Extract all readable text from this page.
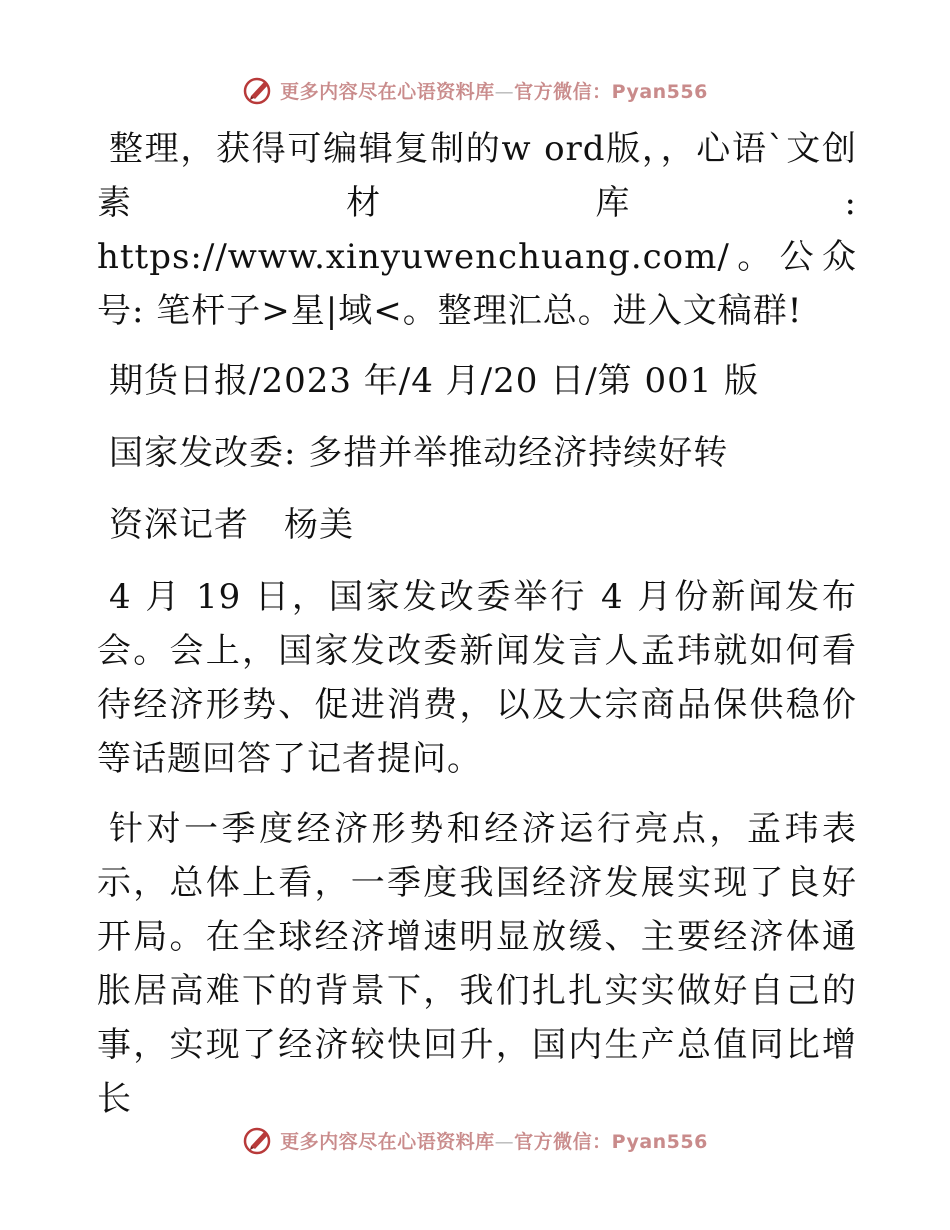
更多内容尽在心语资料库—官方微信：Pyan556

整理，获得可编辑复制的w ord版，，心语`文创素材库: https://www.xinyuwenchuang.com/。公众号: 笔杆子>星|域<。整理汇总。进入文稿群!

期货日报/2023 年/4 月/20 日/第 001 版

国家发改委: 多措并举推动经济持续好转

资深记者　杨美

4 月 19 日，国家发改委举行 4 月份新闻发布会。会上，国家发改委新闻发言人孟玮就如何看待经济形势、促进消费，以及大宗商品保供稳价等话题回答了记者提问。

针对一季度经济形势和经济运行亮点，孟玮表示，总体上看，一季度我国经济发展实现了良好开局。在全球经济增速明显放缓、主要经济体通胀居高难下的背景下，我们扎扎实实做好自己的事，实现了经济较快回升，国内生产总值同比增长

更多内容尽在心语资料库—官方微信：Pyan556
